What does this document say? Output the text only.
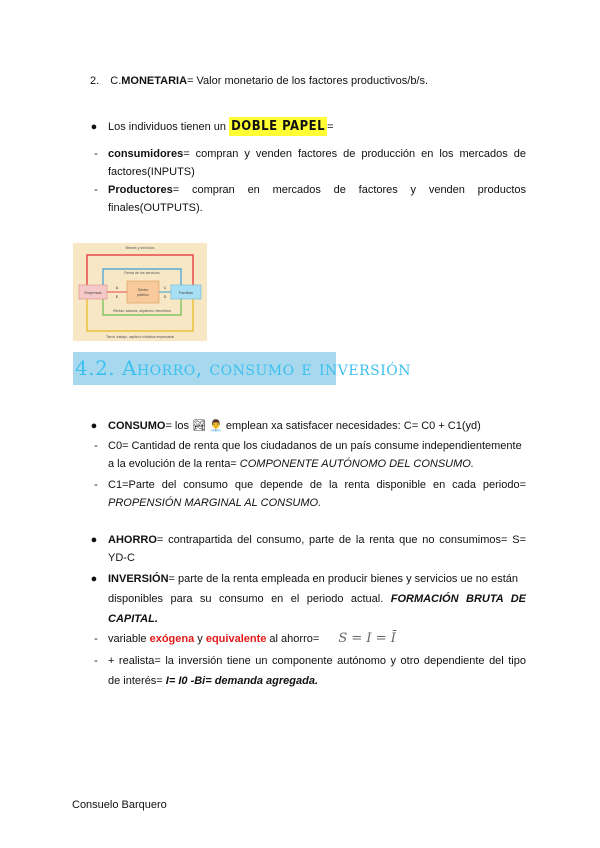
2. C.MONETARIA= Valor monetario de los factores productivos/b/s.
● Los individuos tienen un DOBLE PAPEL =
- consumidores= compran y venden factores de producción en los mercados de
factores(INPUTS)
- Productores= compran en mercados de factores y venden productos
finales(OUTPUTS).
Bienes y servicios
Renta de los servicios
Empresas
Sector
público	Familias
A
E
C
D
Rentas: salarios, alquileres, beneficios
Tierra, trabajo, capital e iniciativa empresarial
4.2. Ahorro, consumo e inversión
● CONSUMO= los 🏞 👨‍💼 emplean xa satisfacer necesidades: C= C0 + C1(yd)
- C0= Cantidad de renta que los ciudadanos de un país consume independientemente
a la evolución de la renta= COMPONENTE AUTÓNOMO DEL CONSUMO.
- C1=Parte del consumo que depende de la renta disponible en cada periodo=
PROPENSIÓN MARGINAL AL CONSUMO.
● AHORRO= contrapartida del consumo, parte de la renta que no consumimos= S=
YD-C
● INVERSIÓN= parte de la renta empleada en producir bienes y servicios ue no están
disponibles para su consumo en el periodo actual. FORMACIÓN BRUTA DE
CAPITAL.
- variable exógena y equivalente al ahorro= S = I = Ī
- + realista= la inversión tiene un componente autónomo y otro dependiente del tipo
de interés= I= I0 -Bi= demanda agregada.
Consuelo Barquero
